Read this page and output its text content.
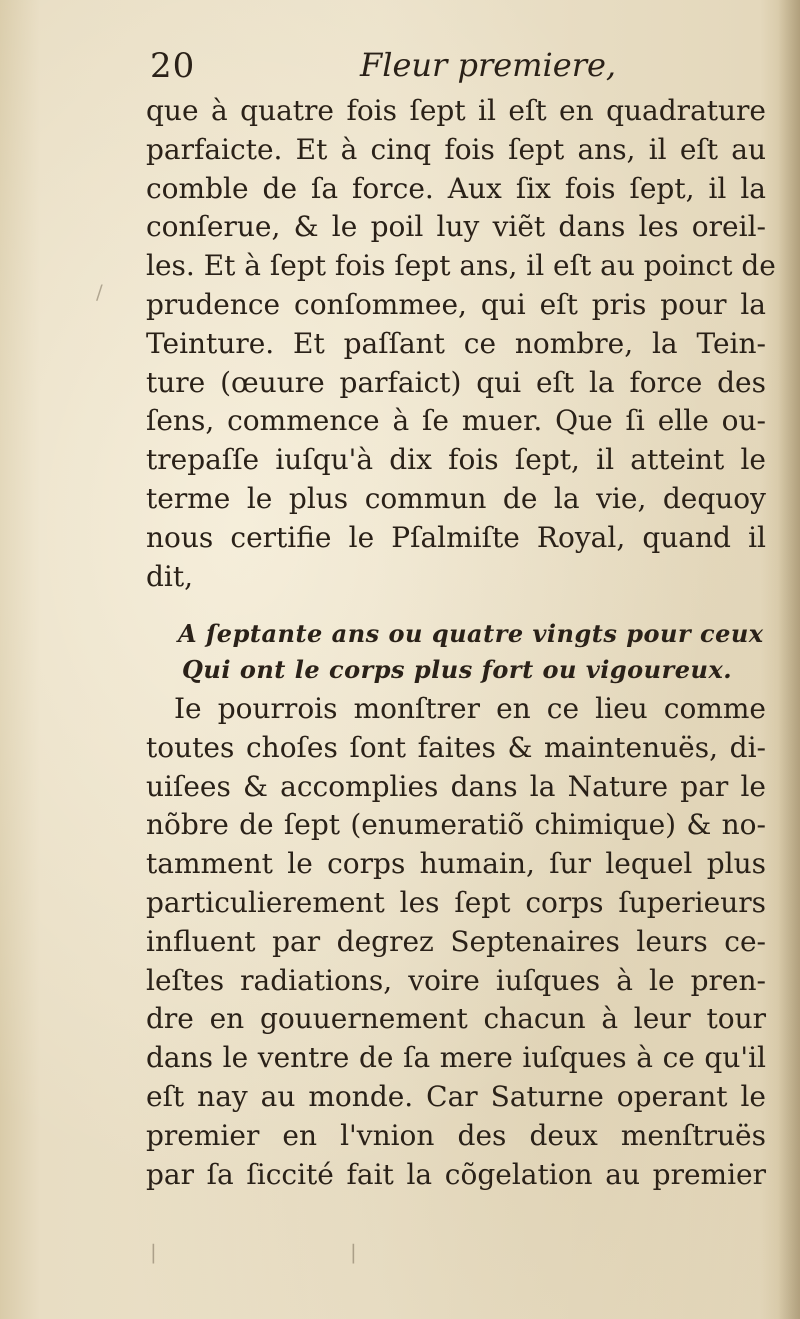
20	Fleur premiere,
que à quatre fois ſept il eſt en quadrature
parfaicte. Et à cinq fois ſept ans, il eſt au
comble de ſa force. Aux ſix fois ſept, il la
conſerue, & le poil luy viẽt dans les oreil-
les. Et à ſept fois ſept ans, il eſt au poinct de
prudence conſommee, qui eſt pris pour la
Teinture. Et paſſant ce nombre, la Tein-
ture (œuure parfaict) qui eſt la force des
ſens, commence à ſe muer. Que ſi elle ou-
trepaſſe iuſqu'à dix fois ſept, il atteint le
terme le plus commun de la vie, dequoy
nous certifie le Pſalmiſte Royal, quand il
dit,
A ſeptante ans ou quatre vingts pour ceux
Qui ont le corps plus fort ou vigoureux.
Ie pourrois monſtrer en ce lieu comme
toutes choſes ſont faites & maintenuës, di-
uiſees & accomplies dans la Nature par le
nõbre de ſept (enumeratiõ chimique) & no-
tamment le corps humain, ſur lequel plus
particulierement les ſept corps ſuperieurs
influent par degrez Septenaires leurs ce-
leſtes radiations, voire iuſques à le pren-
dre en gouuernement chacun à leur tour
dans le ventre de ſa mere iuſques à ce qu'il
eſt nay au monde. Car Saturne operant le
premier en l'vnion des deux menſtruës
par ſa ſiccité fait la cõgelation au premier
/
|	|
